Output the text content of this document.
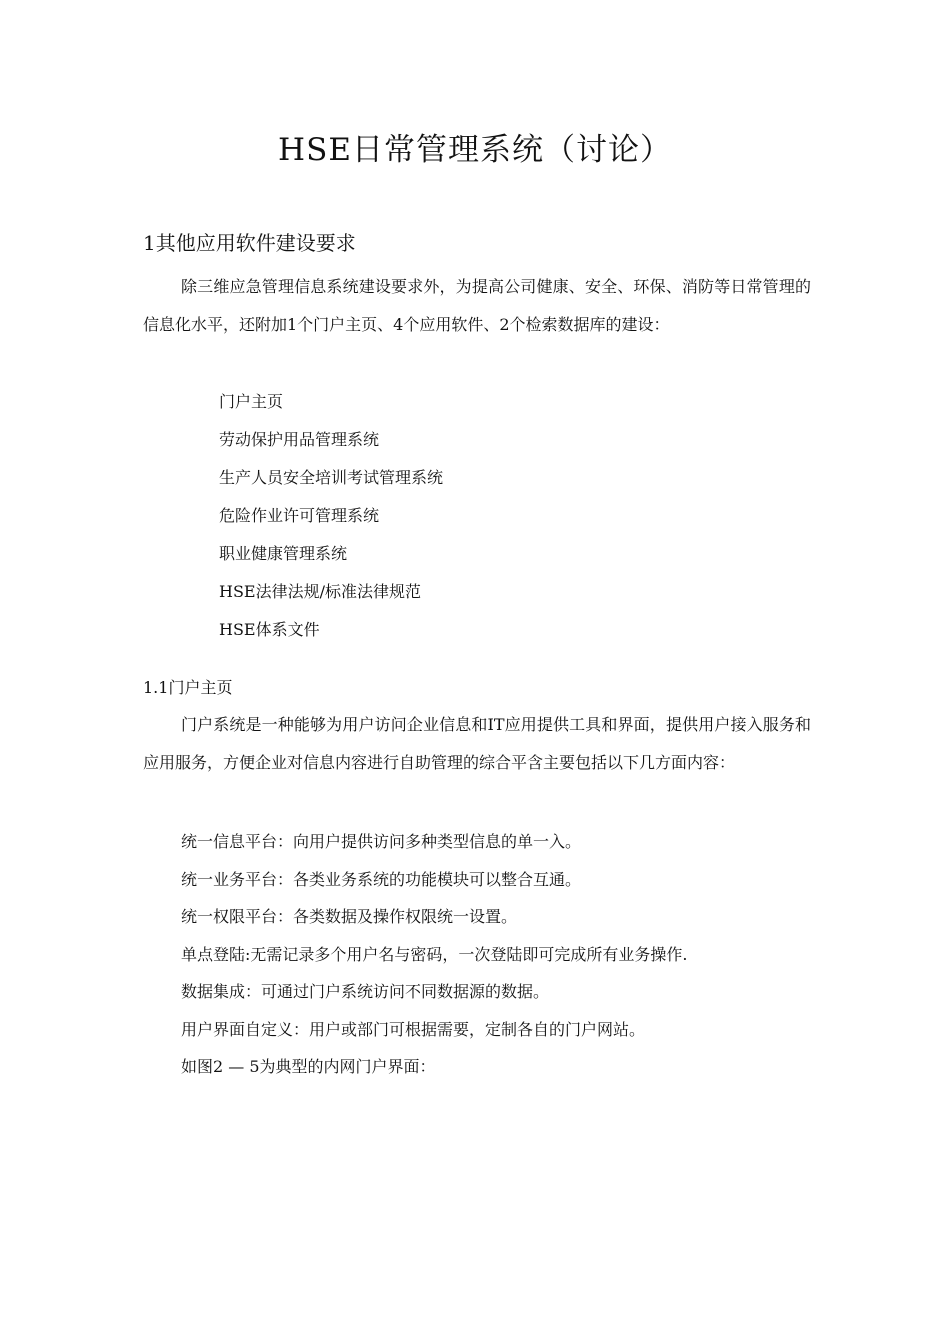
HSE日常管理系统（讨论）
1其他应用软件建设要求

除三维应急管理信息系统建设要求外，为提高公司健康、安全、环保、消防等日常管理的信息化水平，还附加1个门户主页、4个应用软件、2个检索数据库的建设：

门户主页
劳动保护用品管理系统
生产人员安全培训考试管理系统
危险作业许可管理系统
职业健康管理系统
HSE法律法规/标准法律规范
HSE体系文件
1.1门户主页

门户系统是一种能够为用户访问企业信息和IT应用提供工具和界面，提供用户接入服务和应用服务，方便企业对信息内容进行自助管理的综合平含主要包括以下几方面内容：

统一信息平台：向用户提供访问多种类型信息的单一入。
统一业务平台：各类业务系统的功能模块可以整合互通。
统一权限平台：各类数据及操作权限统一设置。
单点登陆:无需记录多个用户名与密码，一次登陆即可完成所有业务操作.
数据集成：可通过门户系统访问不同数据源的数据。
用户界面自定义：用户或部门可根据需要，定制各自的门户网站。
如图2 — 5为典型的内网门户界面：
